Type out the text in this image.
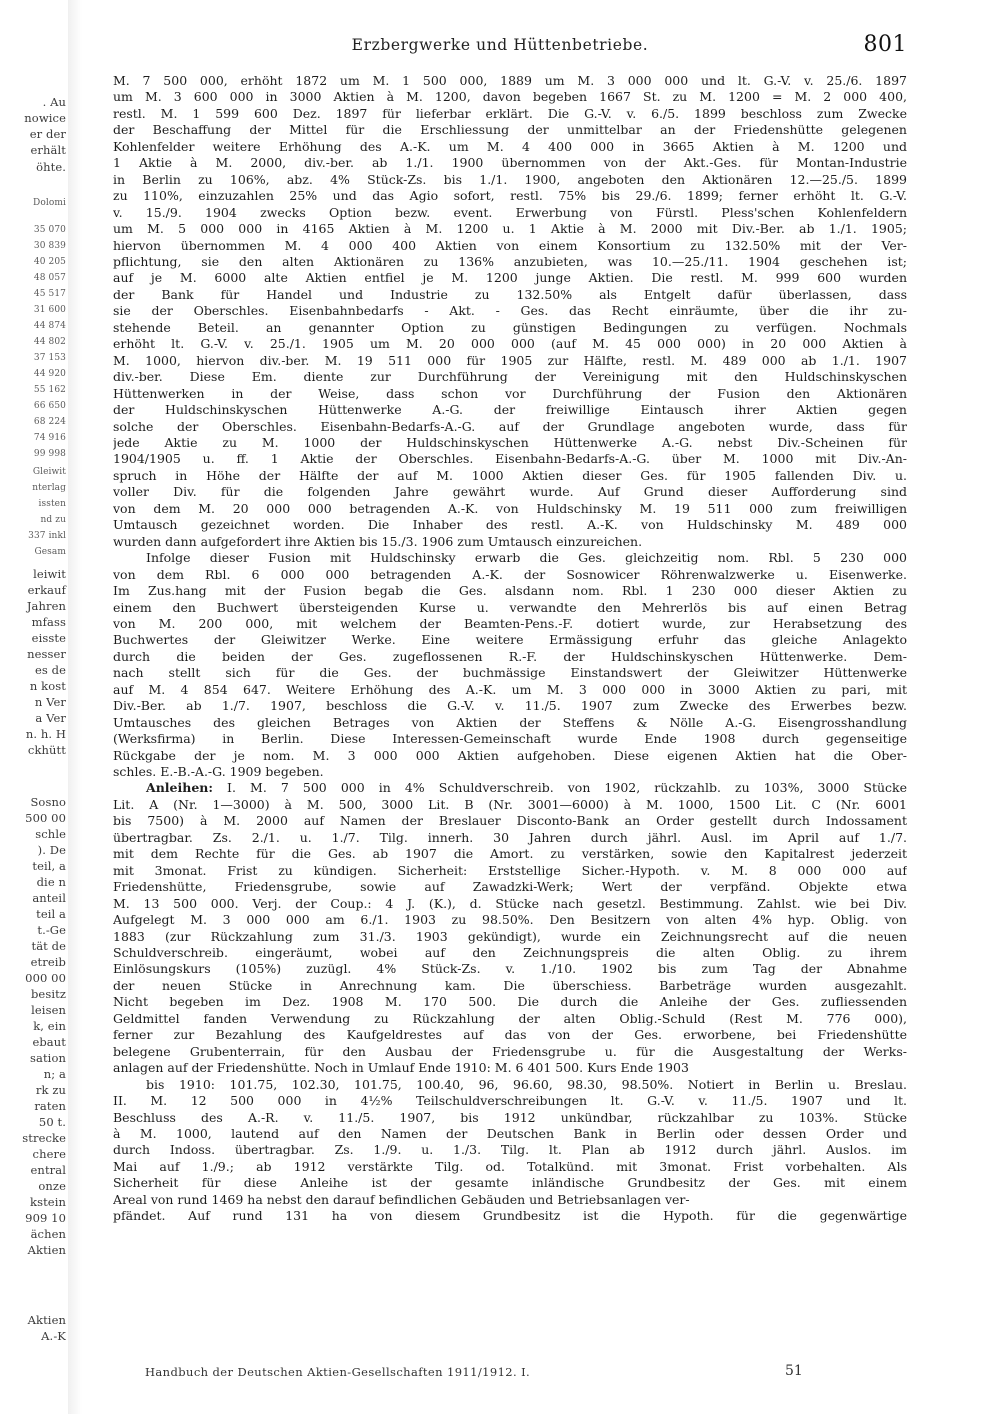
. Au
nowice
er der
erhält
öhte.
Dolomi
35 070
30 839
40 205
48 057
45 517
31 600
44 874
44 802
37 153
44 920
55 162
66 650
68 224
74 916
99 998
Gleiwit
nterlag
issten
nd zu
337 inkl
Gesam
leiwit
erkauf
Jahren
mfass
eisste
nesser
es de
n kost
n Ver
a Ver
n. h. H
ckhütt
Sosno
500 00
schle
). De
teil, a
die n
anteil
teil a
t.-Ge
tät de
etreib
000 00
besitz
leisen
k, ein
ebaut
sation
n; a
rk zu
raten
50 t.
strecke
chere
entral
onze
kstein
909 10
ächen
Aktien
Aktien
A.-K
Erzbergwerke und Hüttenbetriebe.	801

M. 7 500 000, erhöht 1872 um M. 1 500 000, 1889 um M. 3 000 000 und lt. G.-V. v. 25./6. 1897

um M. 3 600 000 in 3000 Aktien à M. 1200, davon begeben 1667 St. zu M. 1200 = M. 2 000 400,

restl. M. 1 599 600 Dez. 1897 für lieferbar erklärt. Die G.-V. v. 6./5. 1899 beschloss zum Zwecke

der Beschaffung der Mittel für die Erschliessung der unmittelbar an der Friedenshütte gelegenen

Kohlenfelder weitere Erhöhung des A.-K. um M. 4 400 000 in 3665 Aktien à M. 1200 und

1 Aktie à M. 2000, div.-ber. ab 1./1. 1900 übernommen von der Akt.-Ges. für Montan-Industrie

in Berlin zu 106%, abz. 4% Stück-Zs. bis 1./1. 1900, angeboten den Aktionären 12.—25./5. 1899

zu 110%, einzuzahlen 25% und das Agio sofort, restl. 75% bis 29./6. 1899; ferner erhöht lt. G.-V.

v. 15./9. 1904 zwecks Option bezw. event. Erwerbung von Fürstl. Pless'schen Kohlenfeldern

um M. 5 000 000 in 4165 Aktien à M. 1200 u. 1 Aktie à M. 2000 mit Div.-Ber. ab 1./1. 1905;

hiervon übernommen M. 4 000 400 Aktien von einem Konsortium zu 132.50% mit der Ver-

pflichtung, sie den alten Aktionären zu 136% anzubieten, was 10.—25./11. 1904 geschehen ist;

auf je M. 6000 alte Aktien entfiel je M. 1200 junge Aktien. Die restl. M. 999 600 wurden

der Bank für Handel und Industrie zu 132.50% als Entgelt dafür überlassen, dass

sie der Oberschles. Eisenbahnbedarfs - Akt. - Ges. das Recht einräumte, über die ihr zu-

stehende Beteil. an genannter Option zu günstigen Bedingungen zu verfügen. Nochmals

erhöht lt. G.-V. v. 25./1. 1905 um M. 20 000 000 (auf M. 45 000 000) in 20 000 Aktien à

M. 1000, hiervon div.-ber. M. 19 511 000 für 1905 zur Hälfte, restl. M. 489 000 ab 1./1. 1907

div.-ber. Diese Em. diente zur Durchführung der Vereinigung mit den Huldschinskyschen

Hüttenwerken in der Weise, dass schon vor Durchführung der Fusion den Aktionären

der Huldschinskyschen Hüttenwerke A.-G. der freiwillige Eintausch ihrer Aktien gegen

solche der Oberschles. Eisenbahn-Bedarfs-A.-G. auf der Grundlage angeboten wurde, dass für

jede Aktie zu M. 1000 der Huldschinskyschen Hüttenwerke A.-G. nebst Div.-Scheinen für

1904/1905 u. ff. 1 Aktie der Oberschles. Eisenbahn-Bedarfs-A.-G. über M. 1000 mit Div.-An-

spruch in Höhe der Hälfte der auf M. 1000 Aktien dieser Ges. für 1905 fallenden Div. u.

voller Div. für die folgenden Jahre gewährt wurde. Auf Grund dieser Aufforderung sind

von dem M. 20 000 000 betragenden A.-K. von Huldschinsky M. 19 511 000 zum freiwilligen

Umtausch gezeichnet worden. Die Inhaber des restl. A.-K. von Huldschinsky M. 489 000

wurden dann aufgefordert ihre Aktien bis 15./3. 1906 zum Umtausch einzureichen.

Infolge dieser Fusion mit Huldschinsky erwarb die Ges. gleichzeitig nom. Rbl. 5 230 000

von dem Rbl. 6 000 000 betragenden A.-K. der Sosnowicer Röhrenwalzwerke u. Eisenwerke.

Im Zus.hang mit der Fusion begab die Ges. alsdann nom. Rbl. 1 230 000 dieser Aktien zu

einem den Buchwert übersteigenden Kurse u. verwandte den Mehrerlös bis auf einen Betrag

von M. 200 000, mit welchem der Beamten-Pens.-F. dotiert wurde, zur Herabsetzung des

Buchwertes der Gleiwitzer Werke. Eine weitere Ermässigung erfuhr das gleiche Anlagekto

durch die beiden der Ges. zugeflossenen R.-F. der Huldschinskyschen Hüttenwerke. Dem-

nach stellt sich für die Ges. der buchmässige Einstandswert der Gleiwitzer Hüttenwerke

auf M. 4 854 647. Weitere Erhöhung des A.-K. um M. 3 000 000 in 3000 Aktien zu pari, mit

Div.-Ber. ab 1./7. 1907, beschloss die G.-V. v. 11./5. 1907 zum Zwecke des Erwerbes bezw.

Umtausches des gleichen Betrages von Aktien der Steffens & Nölle A.-G. Eisengrosshandlung

(Werksfirma) in Berlin. Diese Interessen-Gemeinschaft wurde Ende 1908 durch gegenseitige

Rückgabe der je nom. M. 3 000 000 Aktien aufgehoben. Diese eigenen Aktien hat die Ober-

schles. E.-B.-A.-G. 1909 begeben.

Anleihen: I. M. 7 500 000 in 4% Schuldverschreib. von 1902, rückzahlb. zu 103%, 3000 Stücke

Lit. A (Nr. 1—3000) à M. 500, 3000 Lit. B (Nr. 3001—6000) à M. 1000, 1500 Lit. C (Nr. 6001

bis 7500) à M. 2000 auf Namen der Breslauer Disconto-Bank an Order gestellt durch Indossament

übertragbar. Zs. 2./1. u. 1./7. Tilg. innerh. 30 Jahren durch jährl. Ausl. im April auf 1./7.

mit dem Rechte für die Ges. ab 1907 die Amort. zu verstärken, sowie den Kapitalrest jederzeit

mit 3monat. Frist zu kündigen. Sicherheit: Erststellige Sicher.-Hypoth. v. M. 8 000 000 auf

Friedenshütte, Friedensgrube, sowie auf Zawadzki-Werk; Wert der verpfänd. Objekte etwa

M. 13 500 000. Verj. der Coup.: 4 J. (K.), d. Stücke nach gesetzl. Bestimmung. Zahlst. wie bei Div.

Aufgelegt M. 3 000 000 am 6./1. 1903 zu 98.50%. Den Besitzern von alten 4% hyp. Oblig. von

1883 (zur Rückzahlung zum 31./3. 1903 gekündigt), wurde ein Zeichnungsrecht auf die neuen

Schuldverschreib. eingeräumt, wobei auf den Zeichnungspreis die alten Oblig. zu ihrem

Einlösungskurs (105%) zuzügl. 4% Stück-Zs. v. 1./10. 1902 bis zum Tag der Abnahme

der neuen Stücke in Anrechnung kam. Die überschiess. Barbeträge wurden ausgezahlt.

Nicht begeben im Dez. 1908 M. 170 500. Die durch die Anleihe der Ges. zufliessenden

Geldmittel fanden Verwendung zu Rückzahlung der alten Oblig.-Schuld (Rest M. 776 000),

ferner zur Bezahlung des Kaufgeldrestes auf das von der Ges. erworbene, bei Friedenshütte

belegene Grubenterrain, für den Ausbau der Friedensgrube u. für die Ausgestaltung der Werks-

anlagen auf der Friedenshütte. Noch in Umlauf Ende 1910: M. 6 401 500. Kurs Ende 1903

bis 1910: 101.75, 102.30, 101.75, 100.40, 96, 96.60, 98.30, 98.50%. Notiert in Berlin u. Breslau.

II. M. 12 500 000 in 4½% Teilschuldverschreibungen lt. G.-V. v. 11./5. 1907 und lt.

Beschluss des A.-R. v. 11./5. 1907, bis 1912 unkündbar, rückzahlbar zu 103%. Stücke

à M. 1000, lautend auf den Namen der Deutschen Bank in Berlin oder dessen Order und

durch Indoss. übertragbar. Zs. 1./9. u. 1./3. Tilg. lt. Plan ab 1912 durch jährl. Auslos. im

Mai auf 1./9.; ab 1912 verstärkte Tilg. od. Totalkünd. mit 3monat. Frist vorbehalten. Als

Sicherheit für diese Anleihe ist der gesamte inländische Grundbesitz der Ges. mit einem

Areal von rund 1469 ha nebst den darauf befindlichen Gebäuden und Betriebsanlagen ver-

pfändet. Auf rund 131 ha von diesem Grundbesitz ist die Hypoth. für die gegenwärtige

Handbuch der Deutschen Aktien-Gesellschaften 1911/1912. I.	51
